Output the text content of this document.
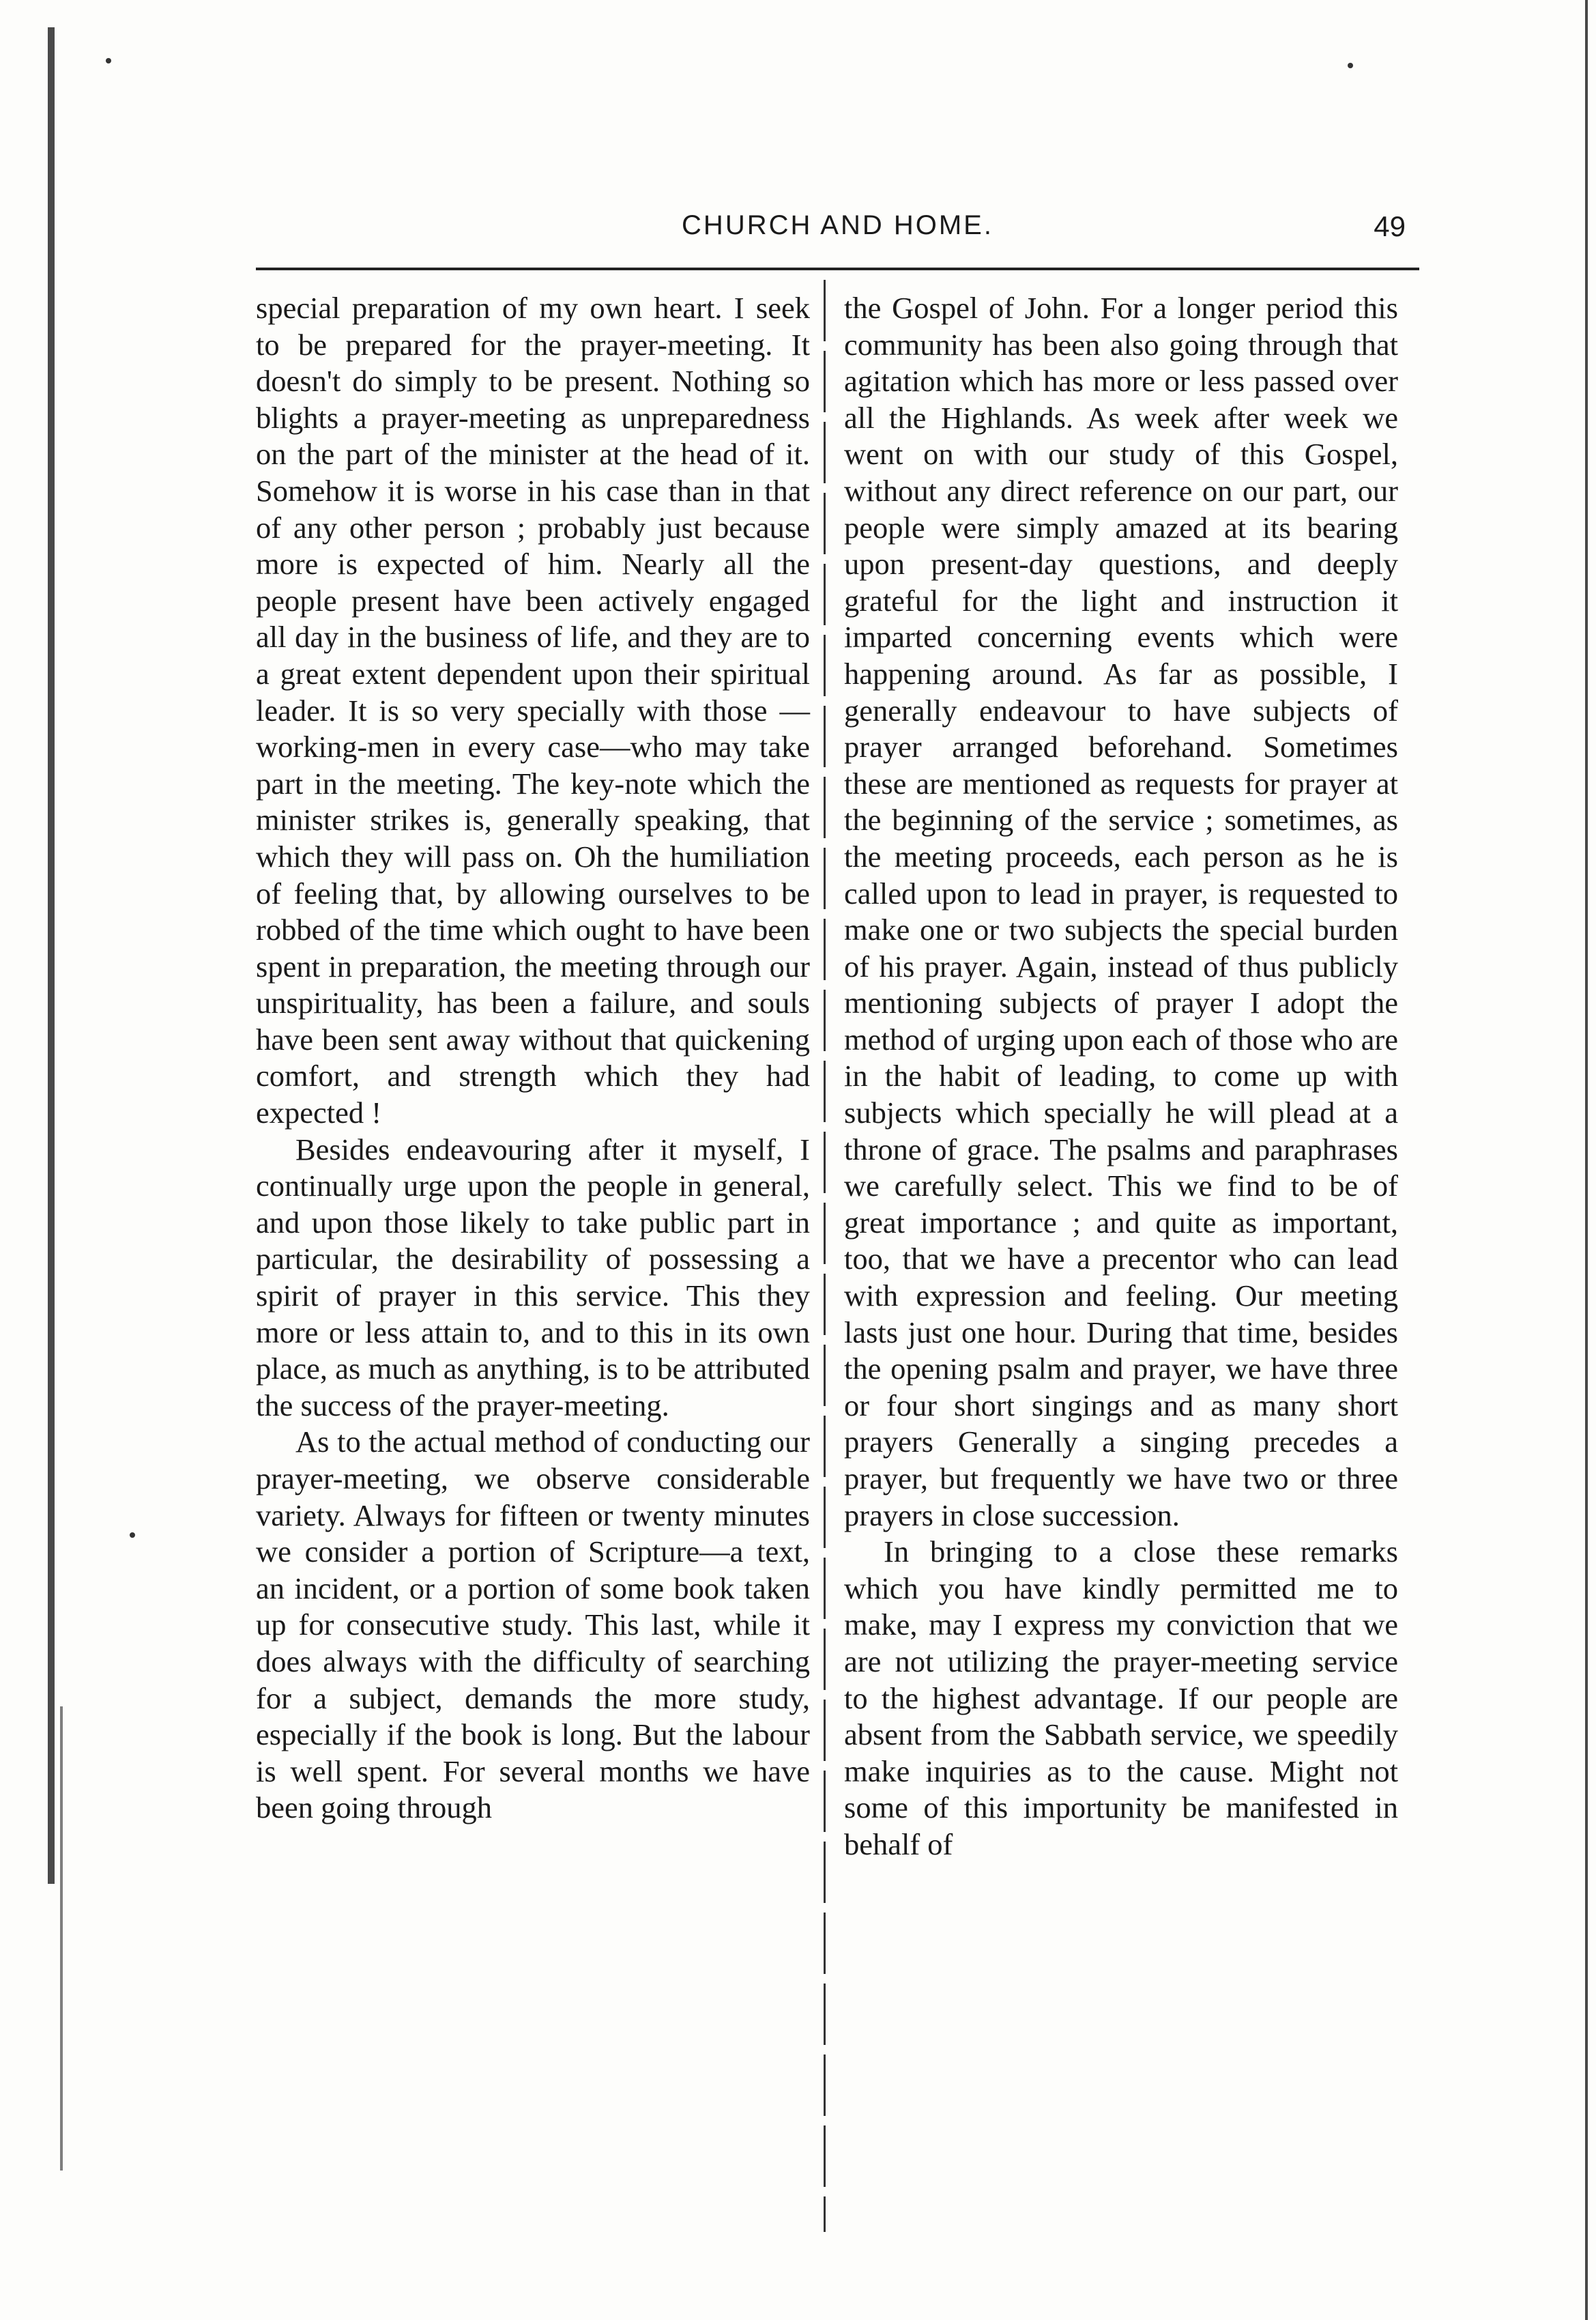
CHURCH AND HOME.	49

special preparation of my own heart. I seek to be prepared for the prayer-meeting. It doesn't do simply to be present. Nothing so blights a prayer-meeting as unpreparedness on the part of the minister at the head of it. Somehow it is worse in his case than in that of any other person ; probably just because more is expected of him. Nearly all the people present have been actively engaged all day in the business of life, and they are to a great extent dependent upon their spiritual leader. It is so very specially with those — working-men in every case—who may take part in the meeting. The key-note which the minister strikes is, generally speaking, that which they will pass on. Oh the humiliation of feeling that, by allowing ourselves to be robbed of the time which ought to have been spent in preparation, the meeting through our unspirituality, has been a failure, and souls have been sent away without that quickening comfort, and strength which they had expected !

Besides endeavouring after it myself, I continually urge upon the people in general, and upon those likely to take public part in particular, the desirability of possessing a spirit of prayer in this service. This they more or less attain to, and to this in its own place, as much as anything, is to be attributed the success of the prayer-meeting.

As to the actual method of conducting our prayer-meeting, we observe considerable variety. Always for fifteen or twenty minutes we consider a portion of Scripture—a text, an incident, or a portion of some book taken up for consecutive study. This last, while it does always with the difficulty of searching for a subject, demands the more study, especially if the book is long. But the labour is well spent. For several months we have been going through

the Gospel of John. For a longer period this community has been also going through that agitation which has more or less passed over all the Highlands. As week after week we went on with our study of this Gospel, without any direct reference on our part, our people were simply amazed at its bearing upon present-day questions, and deeply grateful for the light and instruction it imparted concerning events which were happening around. As far as possible, I generally endeavour to have subjects of prayer arranged beforehand. Sometimes these are mentioned as requests for prayer at the beginning of the service ; sometimes, as the meeting proceeds, each person as he is called upon to lead in prayer, is requested to make one or two subjects the special burden of his prayer. Again, instead of thus publicly mentioning subjects of prayer I adopt the method of urging upon each of those who are in the habit of leading, to come up with subjects which specially he will plead at a throne of grace. The psalms and paraphrases we carefully select. This we find to be of great importance ; and quite as important, too, that we have a precentor who can lead with expression and feeling. Our meeting lasts just one hour. During that time, besides the opening psalm and prayer, we have three or four short singings and as many short prayers Generally a singing precedes a prayer, but frequently we have two or three prayers in close succession.

In bringing to a close these remarks which you have kindly permitted me to make, may I express my conviction that we are not utilizing the prayer-meeting service to the highest advantage. If our people are absent from the Sabbath service, we speedily make inquiries as to the cause. Might not some of this importunity be manifested in behalf of
